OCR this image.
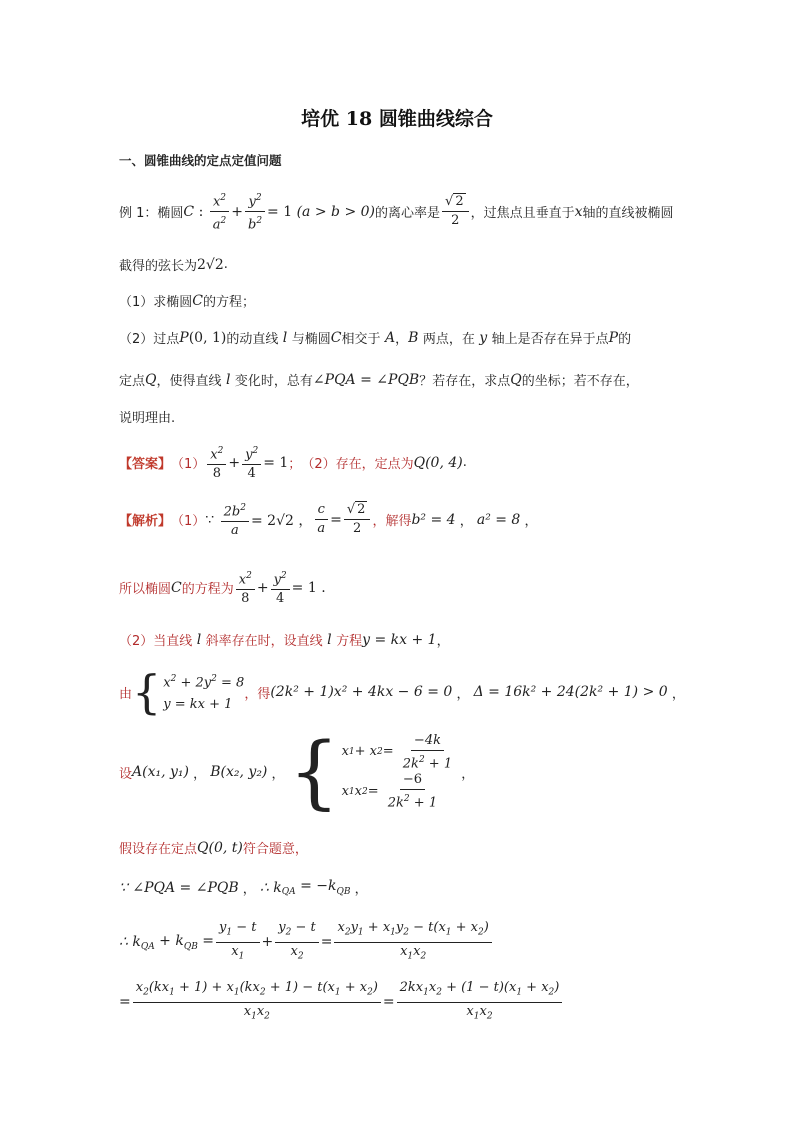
培优 18 圆锥曲线综合
一、圆锥曲线的定点定值问题
例 1：椭圆 C : $\frac{x^2}{a^2} + \frac{y^2}{b^2} = 1$ (a > b > 0) 的离心率是 $\frac{√ 2}{2}$ ，过焦点且垂直于 x 轴的直线被椭圆
截得的弦长为 2√2 .
（1）求椭圆 C 的方程；
（2）过点 P (0, 1) 的动直线 l 与椭圆 C 相交于 A ， B 两点，在 y 轴上是否存在异于点 P 的
定点 Q ，使得直线 l 变化时，总有 ∠PQA = ∠PQB ？若存在，求点 Q 的坐标；若不存在，
说明理由.
【答案】 $(1) \frac{x^2}{8} + \frac{y^2}{4} = 1$ ； （2）存在，定点为 Q(0, 4) .
【解析】 （1） ∵ $\frac{2b^2}{a} = 2√2$ ， $\frac{c}{a} = \frac{√ 2}{2}$ ，解得 b² = 4 ， a² = 8 ，
所以椭圆 C 的方程为 $\frac{x^2}{8} + \frac{y^2}{4} = 1$ .
（2）当直线 l 斜率存在时，设直线 l 方程 y = kx + 1 ，
由 { $x^2 + 2y^2 = 8$
y = kx + 1
，得 (2k² + 1)x² + 4kx − 6 = 0 ， Δ = 16k² + 24(2k² + 1) > 0 ，
设 A(x₁, y₁) ， B(x₂, y₂) ， { x 1 + x $2 = \frac{-4k}{2k^2 + 1}$
x 1 x $2 = \frac{-6}{2k^2 + 1}$ ，
假设存在定点 Q(0, t) 符合题意，
∵ ∠PQA = ∠PQB ， ∴ k $_{QA} = -k_{QB}$ ，
∴ k $_{QA} + k_{QB} = \frac{y_1 - t}{x_1} + \frac{y_2 - t}{x_2} = \frac{x_2y_1 + x_1y_2 - t(x_1 + x_2)}{x_1x_2}$
= $\frac{x_2(kx_1 + 1) + x_1(kx_2 + 1) - t(x_1 + x_2)}{x_1x_2} = \frac{2kx_1x_2 + (1 - t)(x_1 + x_2)}{x_1x_2}$
